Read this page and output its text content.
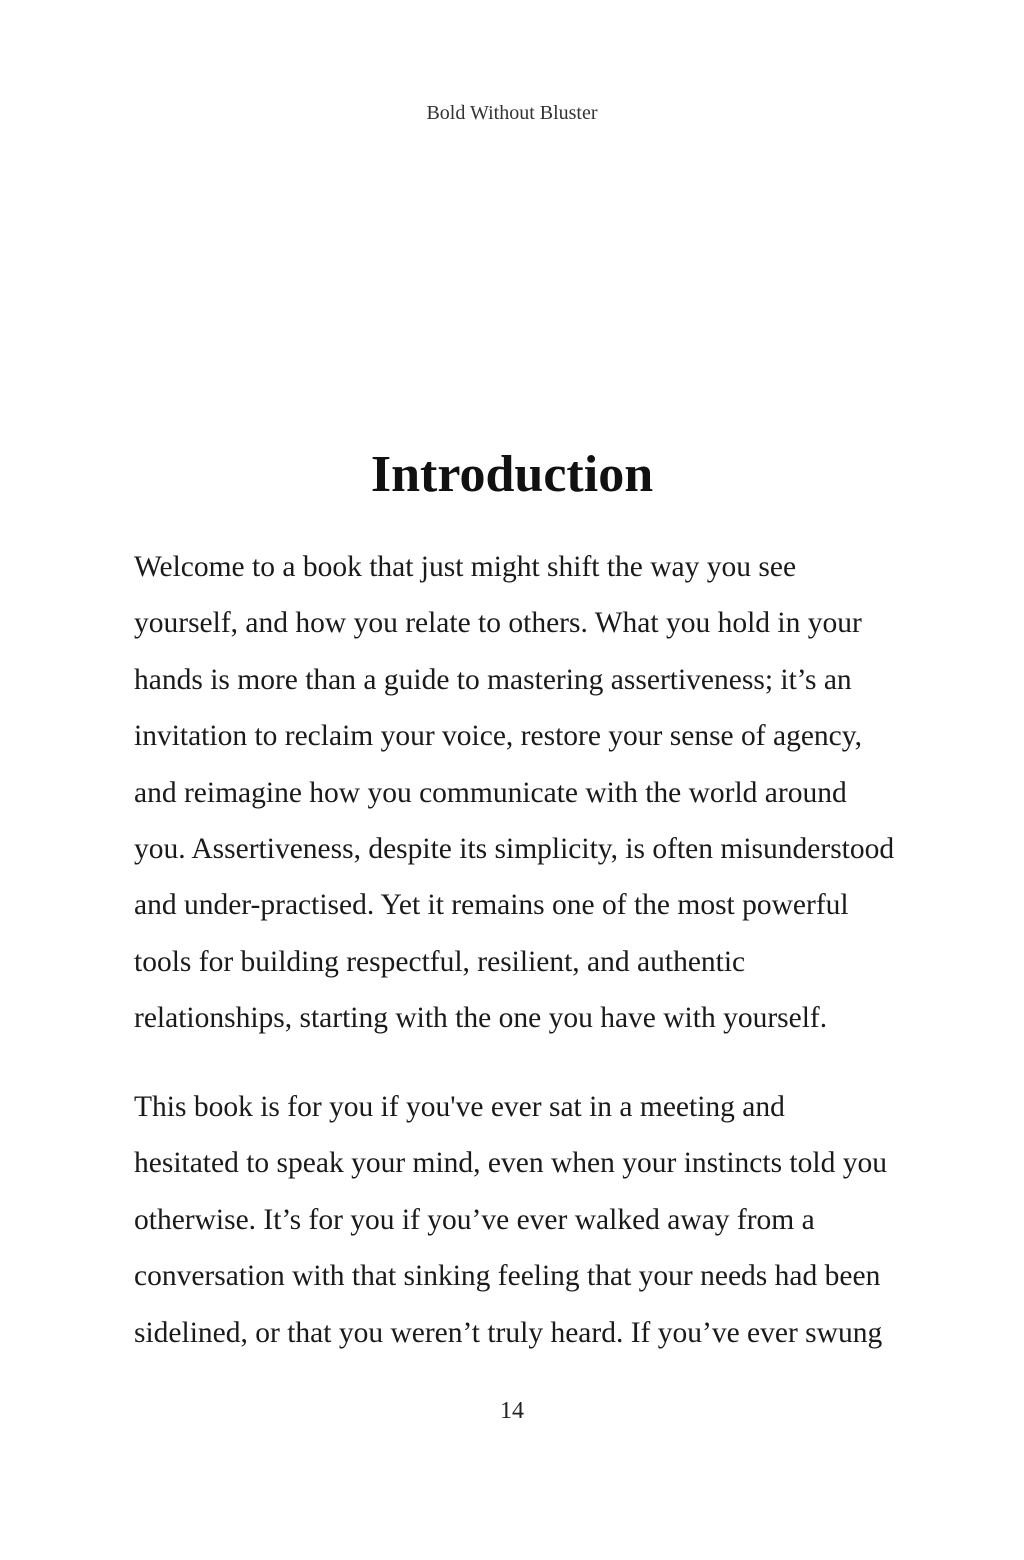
Bold Without Bluster
Introduction

Welcome to a book that just might shift the way you see
yourself, and how you relate to others. What you hold in your
hands is more than a guide to mastering assertiveness; it’s an
invitation to reclaim your voice, restore your sense of agency,
and reimagine how you communicate with the world around
you. Assertiveness, despite its simplicity, is often misunderstood
and under-practised. Yet it remains one of the most powerful
tools for building respectful, resilient, and authentic
relationships, starting with the one you have with yourself.

This book is for you if you've ever sat in a meeting and
hesitated to speak your mind, even when your instincts told you
otherwise. It’s for you if you’ve ever walked away from a
conversation with that sinking feeling that your needs had been
sidelined, or that you weren’t truly heard. If you’ve ever swung

14
